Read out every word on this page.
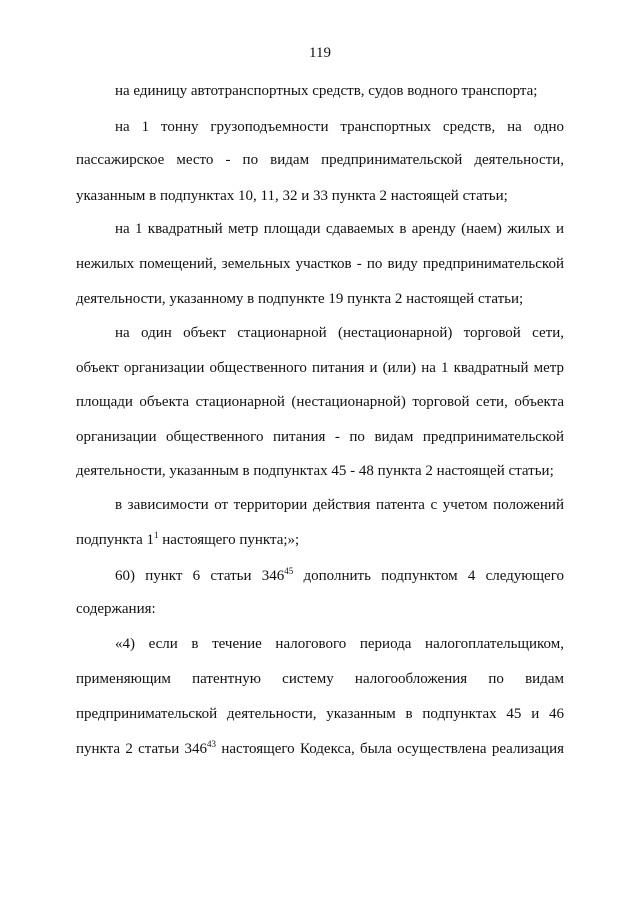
119
на единицу автотранспортных средств, судов водного транспорта;
на 1 тонну грузоподъемности транспортных средств, на одно
пассажирское место - по видам предпринимательской деятельности,
указанным в подпунктах 10, 11, 32 и 33 пункта 2 настоящей статьи;
на 1 квадратный метр площади сдаваемых в аренду (наем) жилых и
нежилых помещений, земельных участков - по виду предпринимательской
деятельности, указанному в подпункте 19 пункта 2 настоящей статьи;
на один объект стационарной (нестационарной) торговой сети,
объект организации общественного питания и (или) на 1 квадратный метр
площади объекта стационарной (нестационарной) торговой сети, объекта
организации общественного питания - по видам предпринимательской
деятельности, указанным в подпунктах 45 - 48 пункта 2 настоящей статьи;
в зависимости от территории действия патента с учетом положений
подпункта $1^1$ настоящего пункта;»;
60) пункт 6 статьи $346^{45}$ дополнить подпунктом 4 следующего
содержания:
«4) если в течение налогового периода налогоплательщиком,
применяющим патентную систему налогообложения по видам
предпринимательской деятельности, указанным в подпунктах 45 и 46
пункта 2 статьи $346^{43}$ настоящего Кодекса, была осуществлена реализация
